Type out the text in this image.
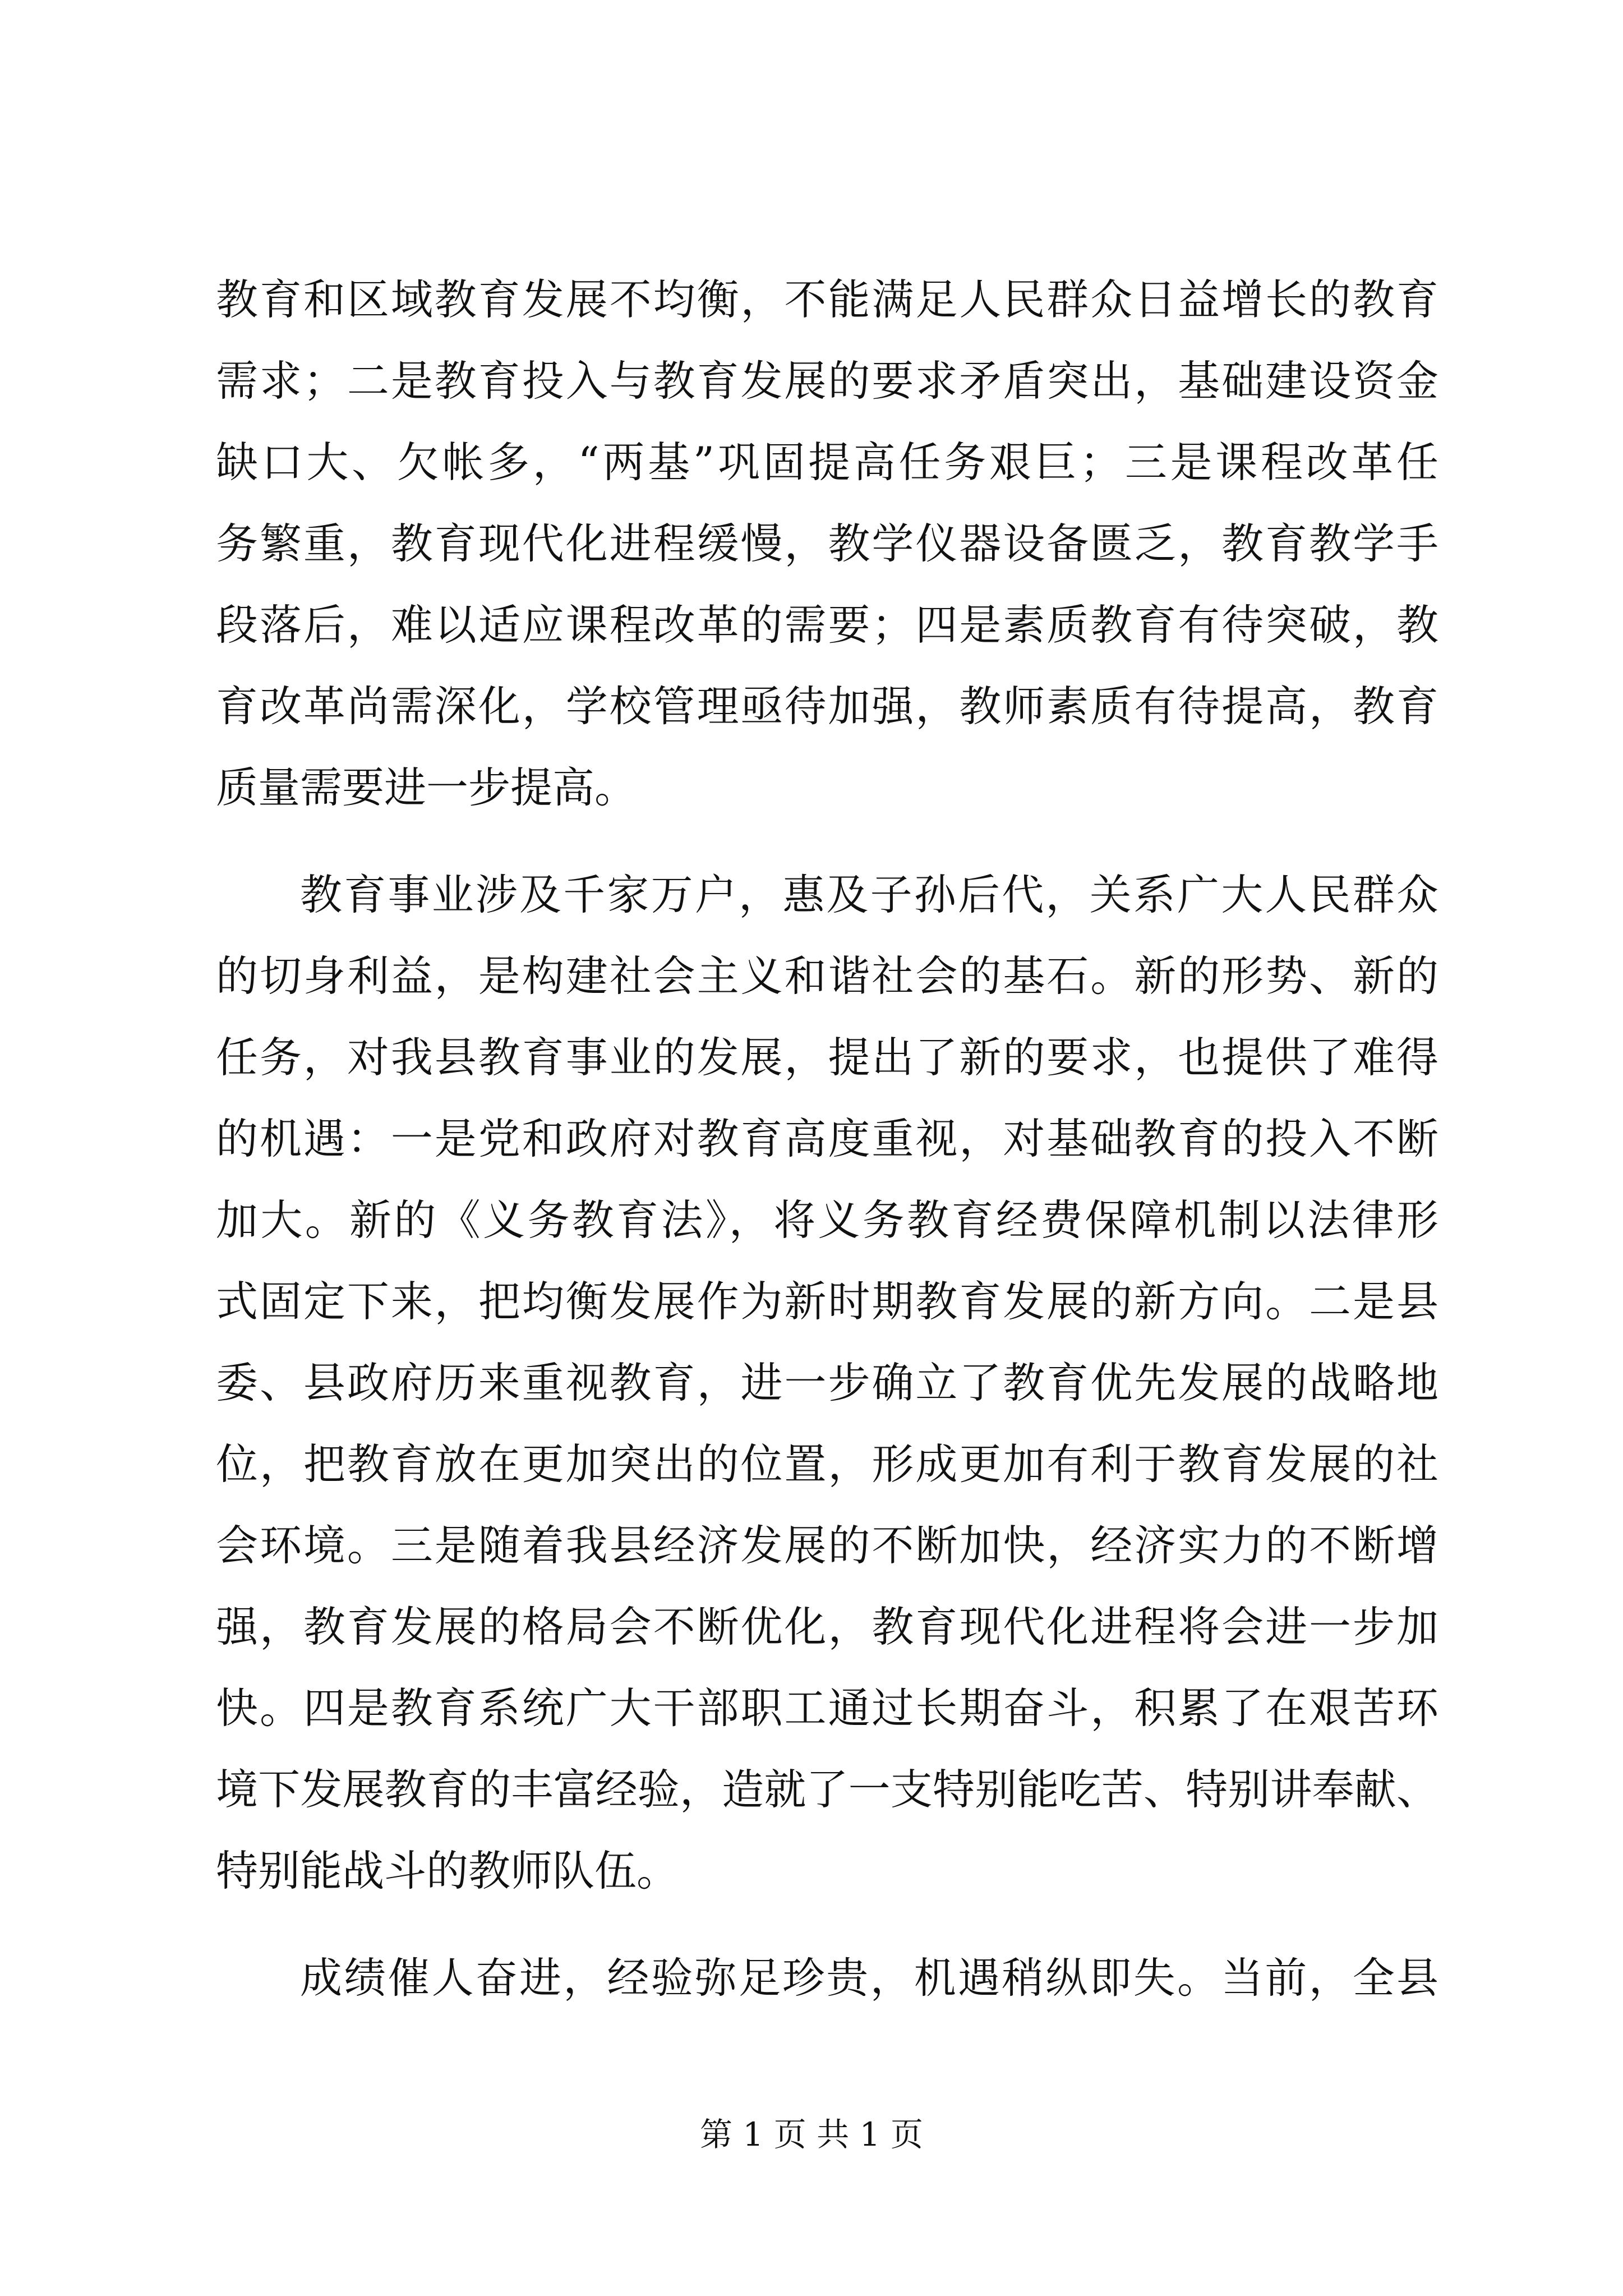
教育和区域教育发展不均衡，不能满足人民群众日益增长的教育
需求；二是教育投入与教育发展的要求矛盾突出，基础建设资金
缺口大、欠帐多，“两基”巩固提高任务艰巨；三是课程改革任
务繁重，教育现代化进程缓慢，教学仪器设备匮乏，教育教学手
段落后，难以适应课程改革的需要；四是素质教育有待突破，教
育改革尚需深化，学校管理亟待加强，教师素质有待提高，教育
质量需要进一步提高。
教育事业涉及千家万户，惠及子孙后代，关系广大人民群众
的切身利益，是构建社会主义和谐社会的基石。新的形势、新的
任务，对我县教育事业的发展，提出了新的要求，也提供了难得
的机遇：一是党和政府对教育高度重视，对基础教育的投入不断
加大。新的《义务教育法》，将义务教育经费保障机制以法律形
式固定下来，把均衡发展作为新时期教育发展的新方向。二是县
委、县政府历来重视教育，进一步确立了教育优先发展的战略地
位，把教育放在更加突出的位置，形成更加有利于教育发展的社
会环境。三是随着我县经济发展的不断加快，经济实力的不断增
强，教育发展的格局会不断优化，教育现代化进程将会进一步加
快。四是教育系统广大干部职工通过长期奋斗，积累了在艰苦环
境下发展教育的丰富经验，造就了一支特别能吃苦、特别讲奉献、
特别能战斗的教师队伍。
成绩催人奋进，经验弥足珍贵，机遇稍纵即失。当前，全县
第 1 页 共 1 页
